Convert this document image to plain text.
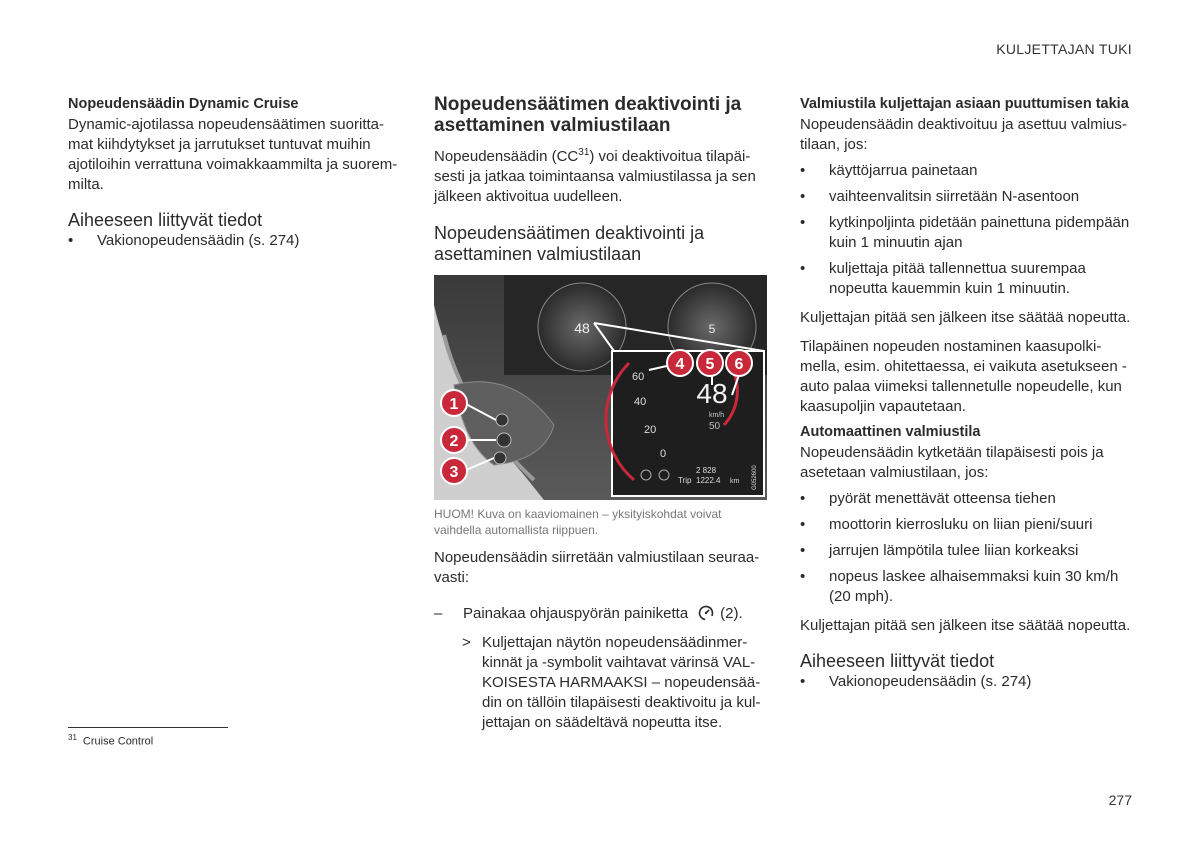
KULJETTAJAN TUKI
Nopeudensäädin Dynamic Cruise

Dynamic-ajotilassa nopeudensäätimen suoritta-mat kiihdytykset ja jarrutukset tuntuvat muihin ajotiloihin verrattuna voimakkaammilta ja suorem-milta.

Aiheeseen liittyvät tiedot
• Vakionopeudensäädin (s. 274)
Nopeudensäätimen deaktivointi ja asettaminen valmiustilaan

Nopeudensäädin (CC$^{31}$) voi deaktivoitua tilapäi-sesti ja jatkaa toimintaansa valmiustilassa ja sen jälkeen aktivoitua uudelleen.

Nopeudensäätimen deaktivointi ja asettaminen valmiustilaan
48	5
60
40
20
0
48
km/h
50
2 828
Trip 1222.4 km G052600
1
2
3
4 5 6
HUOM! Kuva on kaaviomainen – yksityiskohdat voivat vaihdella automallista riippuen.

Nopeudensäädin siirretään valmiustilaan seuraa-vasti:

– Painakaa ohjauspyörän painiketta (2).
> Kuljettajan näytön nopeudensäädinmer-kinnät ja -symbolit vaihtavat värinsä VAL-KOISESTA HARMAAKSI – nopeudensää-din on tällöin tilapäisesti deaktivoitu ja kul-jettajan on säädeltävä nopeutta itse.
Valmiustila kuljettajan asiaan puuttumisen takia

Nopeudensäädin deaktivoituu ja asettuu valmius-tilaan, jos:

• käyttöjarrua painetaan
• vaihteenvalitsin siirretään N-asentoon
• kytkinpoljinta pidetään painettuna pidempään kuin 1 minuutin ajan
• kuljettaja pitää tallennettua suurempaa nopeutta kauemmin kuin 1 minuutin.

Kuljettajan pitää sen jälkeen itse säätää nopeutta.

Tilapäinen nopeuden nostaminen kaasupolki-mella, esim. ohitettaessa, ei vaikuta asetukseen - auto palaa viimeksi tallennetulle nopeudelle, kun kaasupoljin vapautetaan.

Automaattinen valmiustila

Nopeudensäädin kytketään tilapäisesti pois ja asetetaan valmiustilaan, jos:

• pyörät menettävät otteensa tiehen
• moottorin kierrosluku on liian pieni/suuri
• jarrujen lämpötila tulee liian korkeaksi
• nopeus laskee alhaisemmaksi kuin 30 km/h (20 mph).

Kuljettajan pitää sen jälkeen itse säätää nopeutta.

Aiheeseen liittyvät tiedot
• Vakionopeudensäädin (s. 274)
$^{31}$ Cruise Control
277
